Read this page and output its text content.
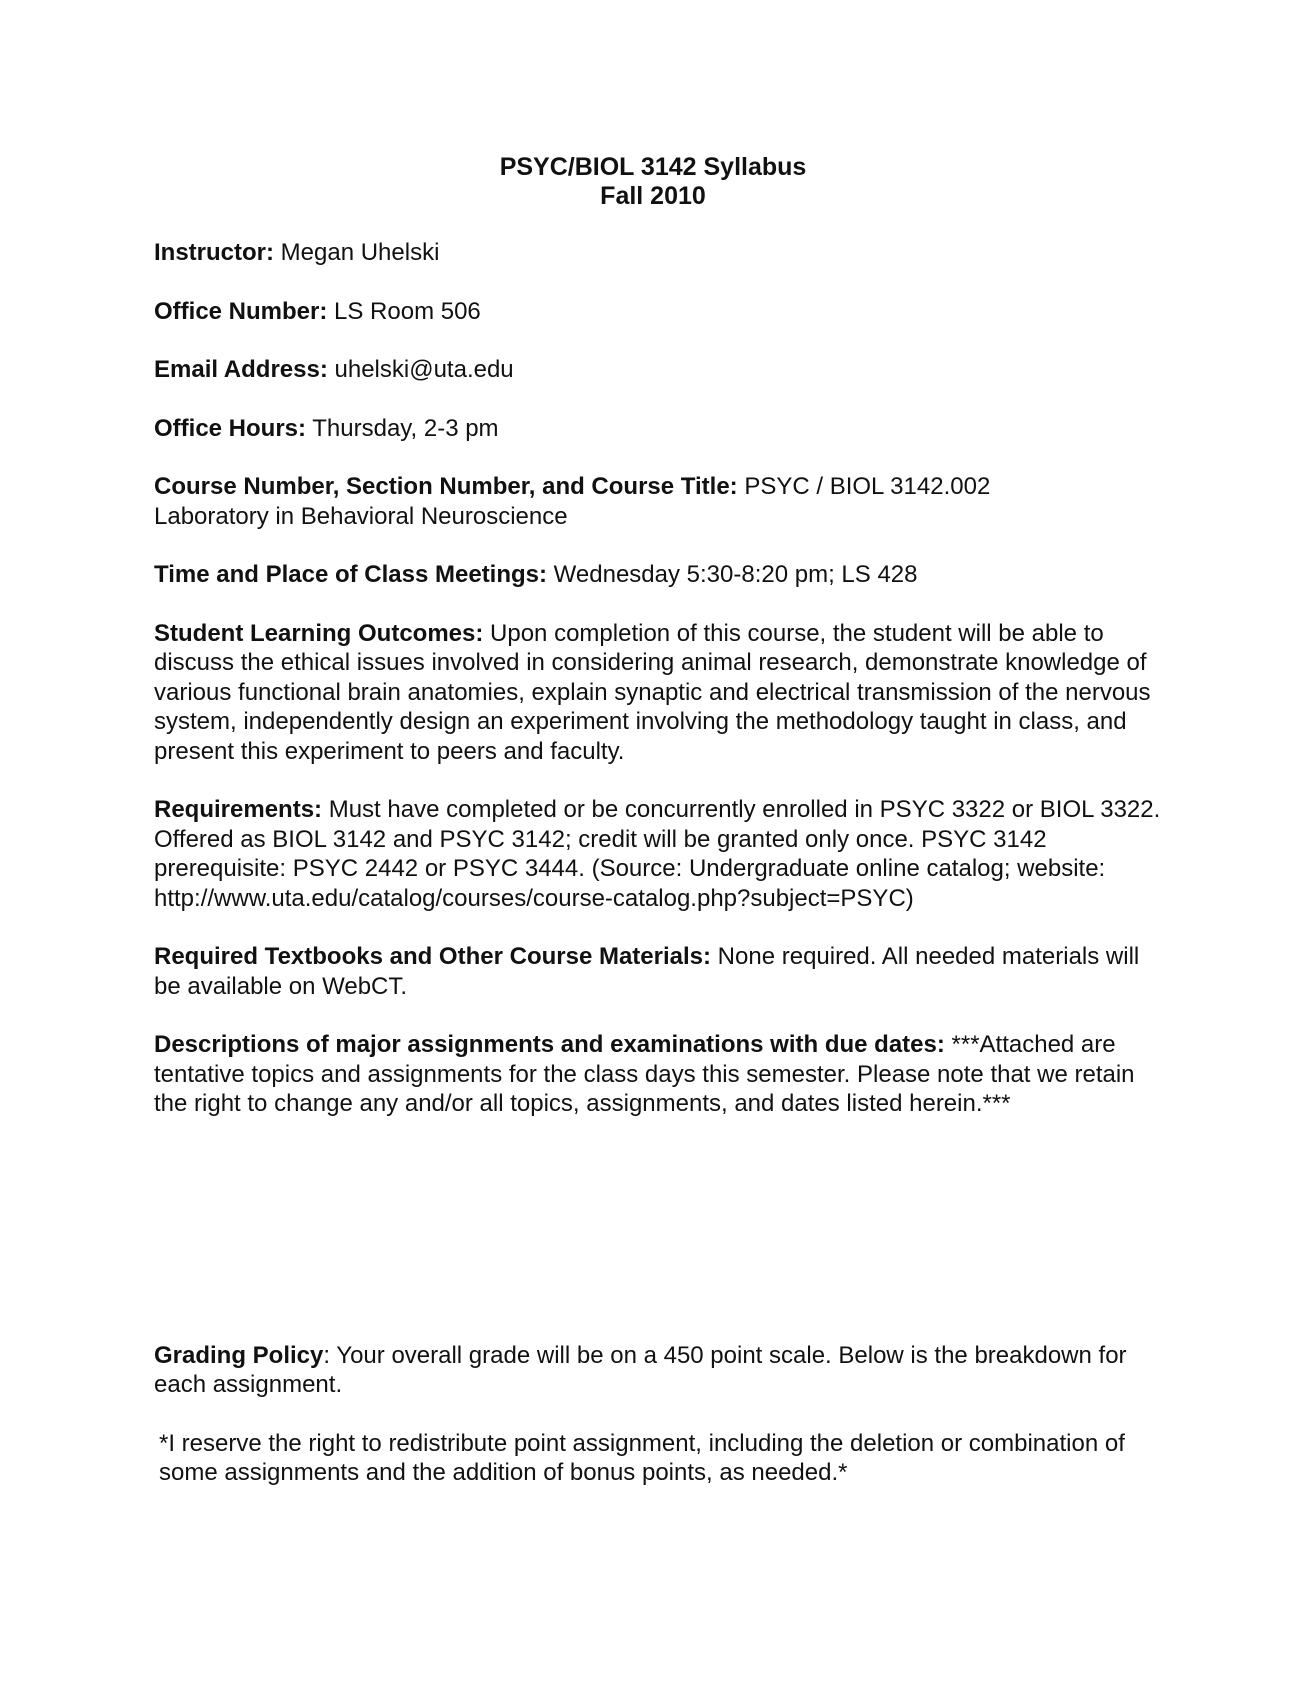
PSYC/BIOL 3142 Syllabus
Fall 2010

Instructor: Megan Uhelski

Office Number: LS Room 506

Email Address: uhelski@uta.edu

Office Hours: Thursday, 2-3 pm

Course Number, Section Number, and Course Title: PSYC / BIOL 3142.002
Laboratory in Behavioral Neuroscience

Time and Place of Class Meetings: Wednesday 5:30-8:20 pm; LS 428

Student Learning Outcomes: Upon completion of this course, the student will be able to discuss the ethical issues involved in considering animal research, demonstrate knowledge of various functional brain anatomies, explain synaptic and electrical transmission of the nervous system, independently design an experiment involving the methodology taught in class, and present this experiment to peers and faculty.

Requirements: Must have completed or be concurrently enrolled in PSYC 3322 or BIOL 3322. Offered as BIOL 3142 and PSYC 3142; credit will be granted only once. PSYC 3142 prerequisite: PSYC 2442 or PSYC 3444. (Source: Undergraduate online catalog; website: http://www.uta.edu/catalog/courses/course-catalog.php?subject=PSYC)

Required Textbooks and Other Course Materials: None required. All needed materials will be available on WebCT.

Descriptions of major assignments and examinations with due dates: ***Attached are tentative topics and assignments for the class days this semester. Please note that we retain the right to change any and/or all topics, assignments, and dates listed herein.***

Grading Policy: Your overall grade will be on a 450 point scale. Below is the breakdown for each assignment.

*I reserve the right to redistribute point assignment, including the deletion or combination of some assignments and the addition of bonus points, as needed.*
